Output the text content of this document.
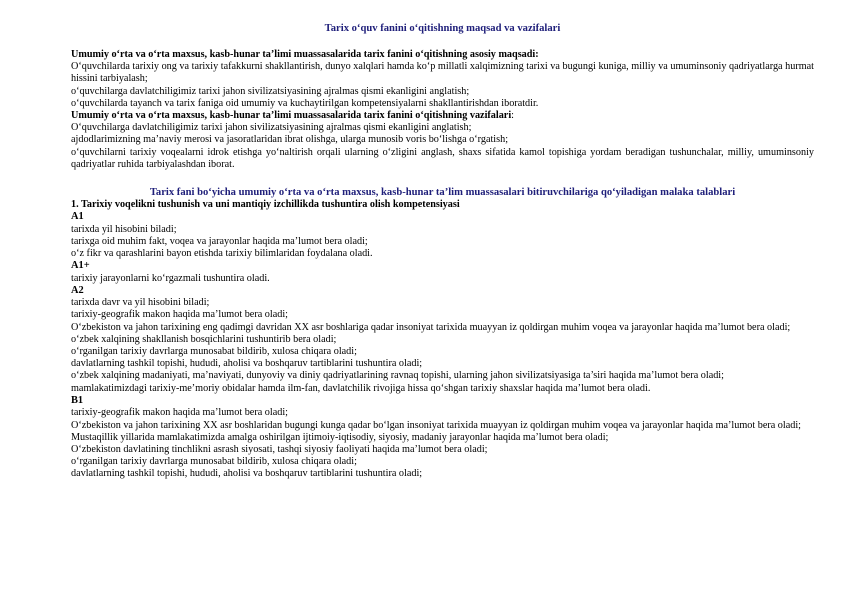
Tarix o‘quv fanini o‘qitishning maqsad va vazifalari
Umumiy o‘rta va o‘rta maxsus, kasb-hunar ta’limi muassasalarida tarix fanini o‘qitishning asosiy maqsadi:
O‘quvchilarda tarixiy ong va tarixiy tafakkurni shakllantirish, dunyo xalqlari hamda ko‘p millatli xalqimizning tarixi va bugungi kuniga, milliy va umuminsoniy qadriyatlarga hurmat hissini tarbiyalash;
o‘quvchilarga davlatchiligimiz tarixi jahon sivilizatsiyasining ajralmas qismi ekanligini anglatish;
o‘quvchilarda tayanch va tarix faniga oid umumiy va kuchaytirilgan kompetensiyalarni shakllantirishdan iboratdir.
Umumiy o‘rta va o‘rta maxsus, kasb-hunar ta’limi muassasalarida tarix fanini o‘qitishning vazifalari:
O‘quvchilarga davlatchiligimiz tarixi jahon sivilizatsiyasining ajralmas qismi ekanligini anglatish;
ajdodlarimizning ma’naviy merosi va jasoratlaridan ibrat olishga, ularga munosib voris bo‘lishga o‘rgatish;
o‘quvchilarni tarixiy voqealarni idrok etishga yo‘naltirish orqali ularning o‘zligini anglash, shaxs sifatida kamol topishiga yordam beradigan tushunchalar, milliy, umuminsoniy qadriyatlar ruhida tarbiyalashdan iborat.
Tarix fani bo‘yicha umumiy o‘rta va o‘rta maxsus, kasb-hunar ta’lim muassasalari bitiruvchilariga qo‘yiladigan malaka talablari
1. Tarixiy voqelikni tushunish va uni mantiqiy izchillikda tushuntira olish kompetensiyasi
A1
tarixda yil hisobini biladi;
tarixga oid muhim fakt, voqea va jarayonlar haqida ma’lumot bera oladi;
o‘z fikr va qarashlarini bayon etishda tarixiy bilimlaridan foydalana oladi.
A1+
tarixiy jarayonlarni ko‘rgazmali tushuntira oladi.
A2
tarixda davr va yil hisobini biladi;
tarixiy-geografik makon haqida ma’lumot bera oladi;
O‘zbekiston va jahon tarixining eng qadimgi davridan XX asr boshlariga qadar insoniyat tarixida muayyan iz qoldirgan muhim voqea va jarayonlar haqida ma’lumot bera oladi;
o‘zbek xalqining shakllanish bosqichlarini tushuntirib bera oladi;
o‘rganilgan tarixiy davrlarga munosabat bildirib, xulosa chiqara oladi;
davlatlarning tashkil topishi, hududi, aholisi va boshqaruv tartiblarini tushuntira oladi;
o‘zbek xalqining madaniyati, ma’naviyati, dunyoviy va diniy qadriyatlarining ravnaq topishi, ularning jahon sivilizatsiyasiga ta’siri haqida ma’lumot bera oladi;
mamlakatimizdagi tarixiy-me’moriy obidalar hamda ilm-fan, davlatchilik rivojiga hissa qo‘shgan tarixiy shaxslar haqida ma’lumot bera oladi.
B1
tarixiy-geografik makon haqida ma’lumot bera oladi;
O‘zbekiston va jahon tarixining XX asr boshlaridan bugungi kunga qadar bo‘lgan insoniyat tarixida muayyan iz qoldirgan muhim voqea va jarayonlar haqida ma’lumot bera oladi;
Mustaqillik yillarida mamlakatimizda amalga oshirilgan ijtimoiy-iqtisodiy, siyosiy, madaniy jarayonlar haqida ma’lumot bera oladi;
O‘zbekiston davlatining tinchlikni asrash siyosati, tashqi siyosiy faoliyati haqida ma’lumot bera oladi;
o‘rganilgan tarixiy davrlarga munosabat bildirib, xulosa chiqara oladi;
davlatlarning tashkil topishi, hududi, aholisi va boshqaruv tartiblarini tushuntira oladi;
